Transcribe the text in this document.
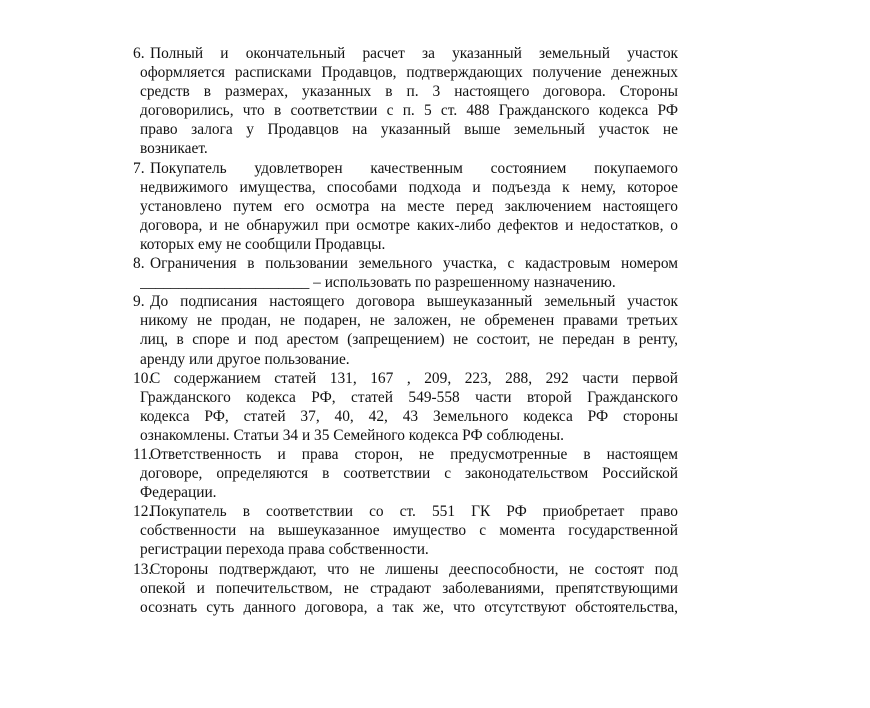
6. Полный и окончательный расчет за указанный земельный участок
оформляется расписками Продавцов, подтверждающих получение денежных
средств в размерах, указанных в п. 3 настоящего договора. Стороны
договорились, что в соответствии с п. 5 ст. 488 Гражданского кодекса РФ
право залога у Продавцов на указанный выше земельный участок не
возникает.
7. Покупатель удовлетворен качественным состоянием покупаемого
недвижимого имущества, способами подхода и подъезда к нему, которое
установлено путем его осмотра на месте перед заключением настоящего
договора, и не обнаружил при осмотре каких-либо дефектов и недостатков, о
которых ему не сообщили Продавцы.
8. Ограничения в пользовании земельного участка, с кадастровым номером
______________________ – использовать по разрешенному назначению.
9. До подписания настоящего договора вышеуказанный земельный участок
никому не продан, не подарен, не заложен, не обременен правами третьих
лиц, в споре и под арестом (запрещением) не состоит, не передан в ренту,
аренду или другое пользование.
10.
С содержанием статей 131, 167 , 209, 223, 288, 292 части первой
Гражданского кодекса РФ, статей 549-558 части второй Гражданского
кодекса РФ, статей 37, 40, 42, 43 Земельного кодекса РФ стороны
ознакомлены. Статьи 34 и 35 Семейного кодекса РФ соблюдены.
11.
Ответственность и права сторон, не предусмотренные в настоящем
договоре, определяются в соответствии с законодательством Российской
Федерации.
12.
Покупатель в соответствии со ст. 551 ГК РФ приобретает право
собственности на вышеуказанное имущество с момента государственной
регистрации перехода права собственности.
13.
Стороны подтверждают, что не лишены дееспособности, не состоят под
опекой и попечительством, не страдают заболеваниями, препятствующими
осознать суть данного договора, а так же, что отсутствуют обстоятельства,
